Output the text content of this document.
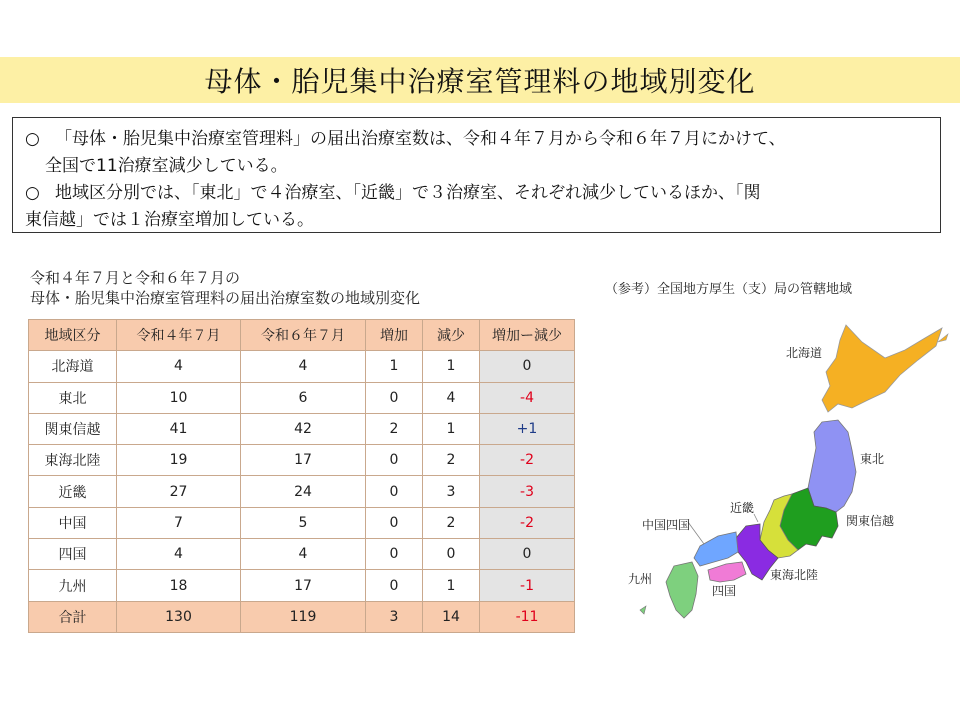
母体・胎児集中治療室管理料の地域別変化
○ 「母体・胎児集中治療室管理料」の届出治療室数は、令和４年７月から令和６年７月にかけて、
全国で11治療室減少している。
○ 地域区分別では、「東北」で４治療室、「近畿」で３治療室、それぞれ減少しているほか、「関
東信越」では１治療室増加している。
令和４年７月と令和６年７月の
母体・胎児集中治療室管理料の届出治療室数の地域別変化
地域区分	令和４年７月	令和６年７月	増加	減少	増加ー減少
北海道	4	4	1	1	0
東北	10	6	0	4	-4
関東信越	41	42	2	1	+1
東海北陸	19	17	0	2	-2
近畿	27	24	0	3	-3
中国	7	5	0	2	-2
四国	4	4	0	0	0
九州	18	17	0	1	-1
合計	130	119	3	14	-11
（参考）全国地方厚生（支）局の管轄地域
北海道
東北
関東信越
近畿
中国四国
東海北陸
四国
九州
